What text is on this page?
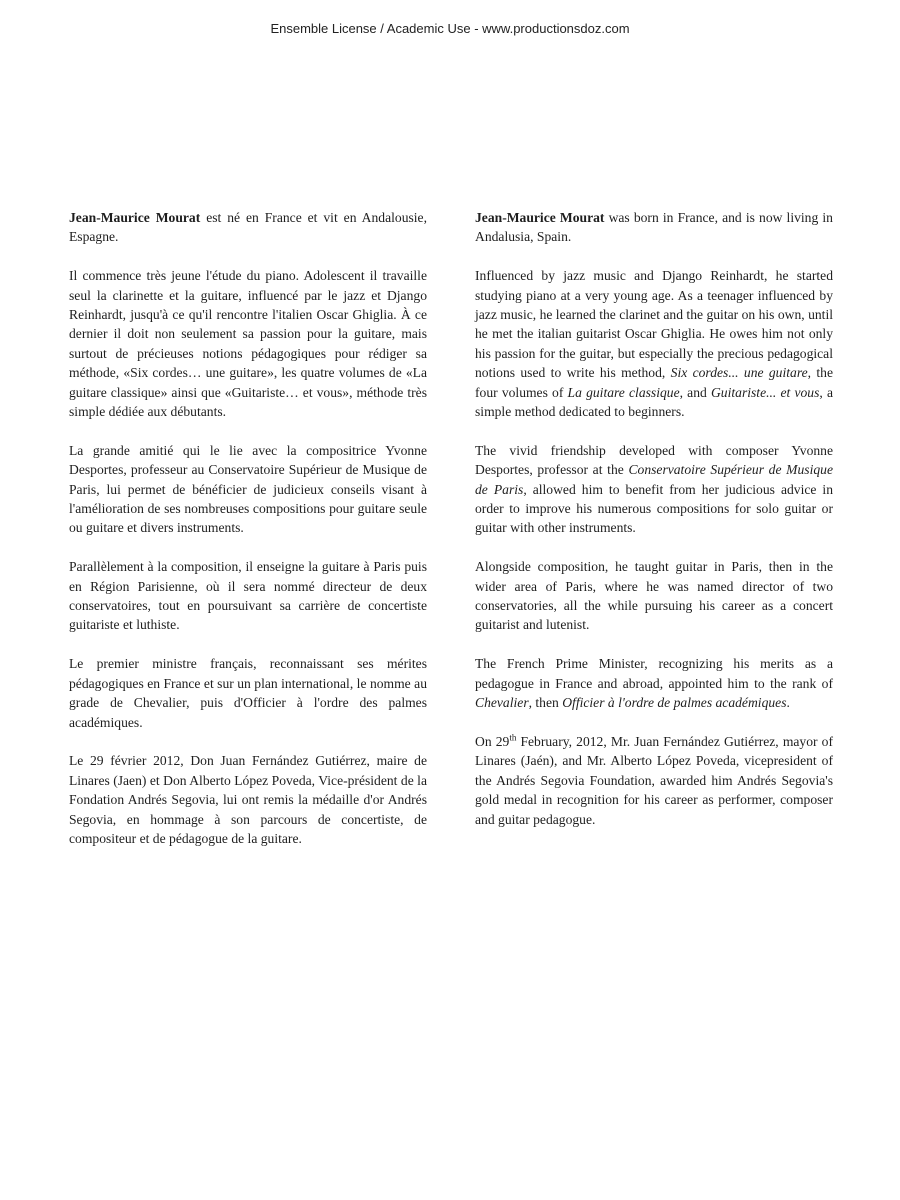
Ensemble License / Academic Use - www.productionsdoz.com

Jean-Maurice Mourat est né en France et vit en Andalousie, Espagne.

Il commence très jeune l'étude du piano. Adolescent il travaille seul la clarinette et la guitare, influencé par le jazz et Django Reinhardt, jusqu'à ce qu'il rencontre l'italien Oscar Ghiglia. À ce dernier il doit non seulement sa passion pour la guitare, mais surtout de précieuses notions pédagogiques pour rédiger sa méthode, «Six cordes… une guitare», les quatre volumes de «La guitare classique» ainsi que «Guitariste… et vous», méthode très simple dédiée aux débutants.

La grande amitié qui le lie avec la compositrice Yvonne Desportes, professeur au Conservatoire Supérieur de Musique de Paris, lui permet de bénéficier de judicieux conseils visant à l'amélioration de ses nombreuses compositions pour guitare seule ou guitare et divers instruments.

Parallèlement à la composition, il enseigne la guitare à Paris puis en Région Parisienne, où il sera nommé directeur de deux conservatoires, tout en poursuivant sa carrière de concertiste guitariste et luthiste.

Le premier ministre français, reconnaissant ses mérites pédagogiques en France et sur un plan international, le nomme au grade de Chevalier, puis d'Officier à l'ordre des palmes académiques.

Le 29 février 2012, Don Juan Fernández Gutiérrez, maire de Linares (Jaen) et Don Alberto López Poveda, Vice-président de la Fondation Andrés Segovia, lui ont remis la médaille d'or Andrés Segovia, en hommage à son parcours de concertiste, de compositeur et de pédagogue de la guitare.

Jean-Maurice Mourat was born in France, and is now living in Andalusia, Spain.

Influenced by jazz music and Django Reinhardt, he started studying piano at a very young age. As a teenager influenced by jazz music, he learned the clarinet and the guitar on his own, until he met the italian guitarist Oscar Ghiglia. He owes him not only his passion for the guitar, but especially the precious pedagogical notions used to write his method, Six cordes... une guitare, the four volumes of La guitare classique, and Guitariste... et vous, a simple method dedicated to beginners.

The vivid friendship developed with composer Yvonne Desportes, professor at the Conservatoire Supérieur de Musique de Paris, allowed him to benefit from her judicious advice in order to improve his numerous compositions for solo guitar or guitar with other instruments.

Alongside composition, he taught guitar in Paris, then in the wider area of Paris, where he was named director of two conservatories, all the while pursuing his career as a concert guitarist and lutenist.

The French Prime Minister, recognizing his merits as a pedagogue in France and abroad, appointed him to the rank of Chevalier, then Officier à l'ordre de palmes académiques.

On 29th February, 2012, Mr. Juan Fernández Gutiérrez, mayor of Linares (Jaén), and Mr. Alberto López Poveda, vicepresident of the Andrés Segovia Foundation, awarded him Andrés Segovia's gold medal in recognition for his career as performer, composer and guitar pedagogue.
